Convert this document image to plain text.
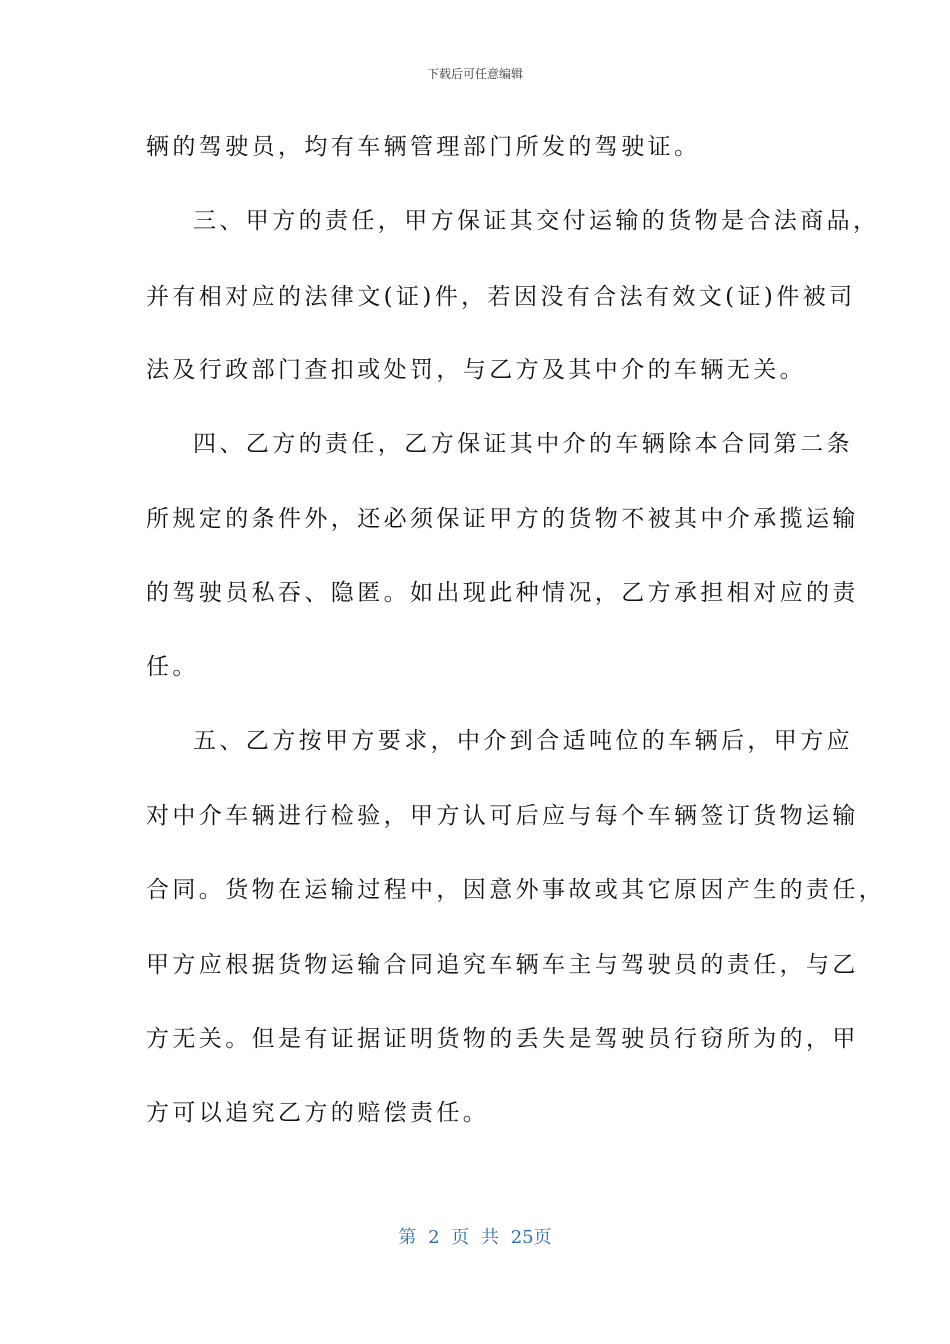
下载后可任意编辑
辆的驾驶员，均有车辆管理部门所发的驾驶证。
三、甲方的责任，甲方保证其交付运输的货物是合法商品，
并有相对应的法律文(证)件，若因没有合法有效文(证)件被司
法及行政部门查扣或处罚，与乙方及其中介的车辆无关。
四、乙方的责任，乙方保证其中介的车辆除本合同第二条
所规定的条件外，还必须保证甲方的货物不被其中介承揽运输
的驾驶员私吞、隐匿。如出现此种情况，乙方承担相对应的责
任。
五、乙方按甲方要求，中介到合适吨位的车辆后，甲方应
对中介车辆进行检验，甲方认可后应与每个车辆签订货物运输
合同。货物在运输过程中，因意外事故或其它原因产生的责任，
甲方应根据货物运输合同追究车辆车主与驾驶员的责任，与乙
方无关。但是有证据证明货物的丢失是驾驶员行窃所为的，甲
方可以追究乙方的赔偿责任。
第 2 页 共 25页
